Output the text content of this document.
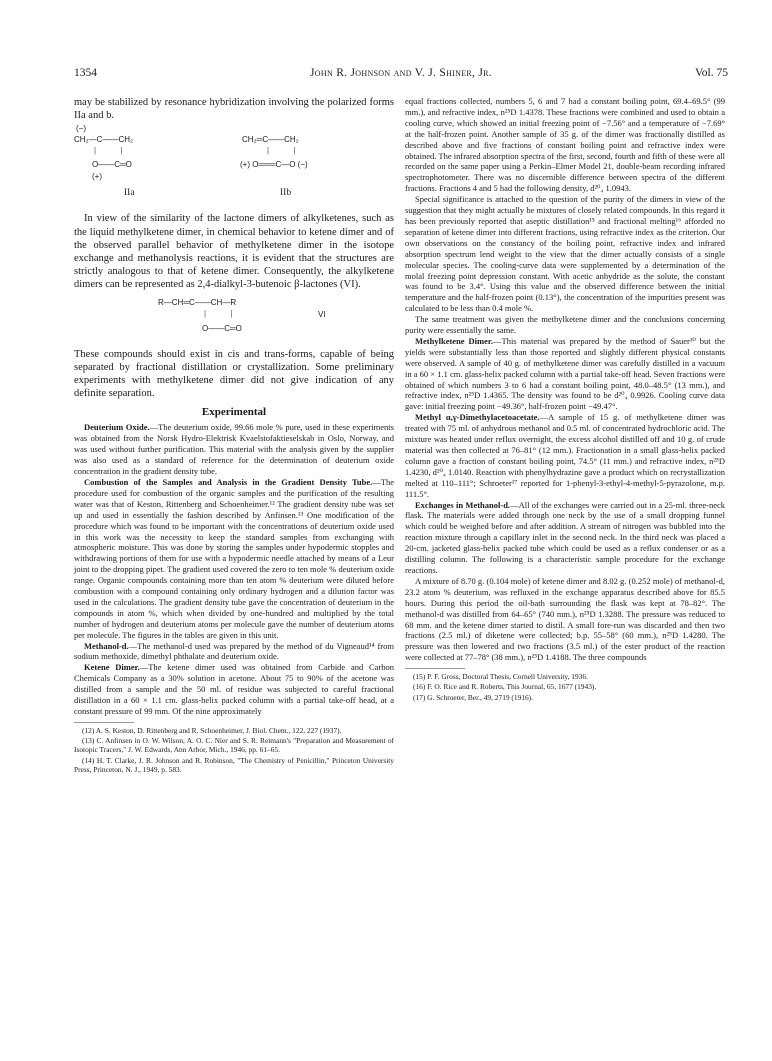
1354	John R. Johnson and V. J. Shiner, Jr.	Vol. 75

may be stabilized by resonance hybridization involving the polarized forms IIa and b.

(−)
CH₂—C——CH₂
|           |
O——C═O
(+)
IIa
CH₂═C——CH₂
|           |
(+) O═══C—O (−)
IIb

In view of the similarity of the lactone dimers of alkylketenes, such as the liquid methylketene dimer, in chemical behavior to ketene dimer and of the observed parallel behavior of methylketene dimer in the isotope exchange and methanolysis reactions, it is evident that the structures are strictly analogous to that of ketene dimer. Consequently, the alkylketene dimers can be represented as 2,4-dialkyl-3-butenoic β-lactones (VI).

R—CH═C——CH—R
|           |
O——C═O
VI

These compounds should exist in cis and trans-forms, capable of being separated by fractional distillation or crystallization. Some preliminary experiments with methylketene dimer did not give indication of any definite separation.

Experimental

Deuterium Oxide.—The deuterium oxide, 99.66 mole % pure, used in these experiments was obtained from the Norsk Hydro-Elektrisk Kvaelstofaktieselskab in Oslo, Norway, and was used without further purification. This material with the analysis given by the supplier was also used as a standard of reference for the determination of deuterium oxide concentration in the gradient density tube.

Combustion of the Samples and Analysis in the Gradient Density Tube.—The procedure used for combustion of the organic samples and the purification of the resulting water was that of Keston, Rittenberg and Schoenheimer.¹² The gradient density tube was set up and used in essentially the fashion described by Anfinsen.¹³ One modification of the procedure which was found to be important with the concentrations of deuterium oxide used in this work was the necessity to keep the standard samples from exchanging with atmospheric moisture. This was done by storing the samples under hypodermic stopples and withdrawing portions of them for use with a hypodermic needle attached by means of a Leur joint to the dropping pipet. The gradient used covered the zero to ten mole % deuterium oxide range. Organic compounds containing more than ten atom % deuterium were diluted before combustion with a compound containing only ordinary hydrogen and a dilution factor was used in the calculations. The gradient density tube gave the concentration of deuterium in the compounds in atom %, which when divided by one-hundred and multiplied by the total number of hydrogen and deuterium atoms per molecule gave the number of deuterium atoms per molecule. The figures in the tables are given in this unit.

Methanol-d.—The methanol-d used was prepared by the method of du Vigneaud¹⁴ from sodium methoxide, dimethyl phthalate and deuterium oxide.

Ketene Dimer.—The ketene dimer used was obtained from Carbide and Carbon Chemicals Company as a 30% solution in acetone. About 75 to 90% of the acetone was distilled from a sample and the 50 ml. of residue was subjected to careful fractional distillation in a 60 × 1.1 cm. glass-helix packed column with a partial take-off head, at a constant pressure of 99 mm. Of the nine approximately

(12) A. S. Keston, D. Rittenberg and R. Schoenheimer, J. Biol. Chem., 122, 227 (1937).

(13) C. Anfinsen in O. W. Wilson, A. O. C. Nier and S. R. Reimann's "Preparation and Measurement of Isotopic Tracers," J. W. Edwards, Ann Arbor, Mich., 1946, pp. 61–65.

(14) H. T. Clarke, J. R. Johnson and R. Robinson, "The Chemistry of Penicillin," Princeton University Press, Princeton, N. J., 1949, p. 583.

equal fractions collected, numbers 5, 6 and 7 had a constant boiling point, 69.4–69.5° (99 mm.), and refractive index, n²⁵D 1.4378. These fractions were combined and used to obtain a cooling curve, which showed an initial freezing point of −7.56° and a temperature of −7.69° at the half-frozen point. Another sample of 35 g. of the dimer was fractionally distilled as described above and five fractions of constant boiling point and refractive index were obtained. The infrared absorption spectra of the first, second, fourth and fifth of these were all recorded on the same paper using a Perkin–Elmer Model 21, double-beam recording infrared spectrophotometer. There was no discernible difference between spectra of the different fractions. Fractions 4 and 5 had the following density, d²⁰₄ 1.0943.

Special significance is attached to the question of the purity of the dimers in view of the suggestion that they might actually be mixtures of closely related compounds. In this regard it has been previously reported that aseptic distillation¹⁵ and fractional melting¹⁶ afforded no separation of ketene dimer into different fractions, using refractive index as the criterion. Our own observations on the constancy of the boiling point, refractive index and infrared absorption spectrum lend weight to the view that the dimer actually consists of a single molecular species. The cooling-curve data were supplemented by a determination of the molal freezing point depression constant. With acetic anhydride as the solute, the constant was found to be 3.4°. Using this value and the observed difference between the initial temperature and the half-frozen point (0.13°), the concentration of the impurities present was calculated to be less than 0.4 mole %.

The same treatment was given the methylketene dimer and the conclusions concerning purity were essentially the same.

Methylketene Dimer.—This material was prepared by the method of Sauer¹⁰ but the yields were substantially less than those reported and slightly different physical constants were observed. A sample of 40 g. of methylketene dimer was carefully distilled in a vacuum in a 60 × 1.1 cm. glass-helix packed column with a partial take-off head. Seven fractions were obtained of which numbers 3 to 6 had a constant boiling point, 48.0–48.5° (13 mm.), and refractive index, n²⁵D 1.4365. The density was found to be d²⁰₄ 0.9926. Cooling curve data gave: initial freezing point −49.36°, half-frozen point −49.47°.

Methyl α,γ-Dimethylacetoacetate.—A sample of 15 g. of methylketene dimer was treated with 75 ml. of anhydrous methanol and 0.5 ml. of concentrated hydrochloric acid. The mixture was heated under reflux overnight, the excess alcohol distilled off and 10 g. of crude material was then collected at 76–81° (12 mm.). Fractionation in a small glass-helix packed column gave a fraction of constant boiling point, 74.5° (11 mm.) and refractive index, n²⁵D 1.4230, d²⁰₄ 1.0140. Reaction with phenylhydrazine gave a product which on recrystallization melted at 110–111°; Schroeter¹⁷ reported for 1-phenyl-3-ethyl-4-methyl-5-pyrazolone, m.p. 111.5°.

Exchanges in Methanol-d.—All of the exchanges were carried out in a 25-ml. three-neck flask. The materials were added through one neck by the use of a small dropping funnel which could be weighed before and after addition. A stream of nitrogen was bubbled into the reaction mixture through a capillary inlet in the second neck. In the third neck was placed a 20-cm. jacketed glass-helix packed tube which could be used as a reflux condenser or as a distilling column. The following is a characteristic sample procedure for the exchange reactions.

A mixture of 8.70 g. (0.104 mole) of ketene dimer and 8.02 g. (0.252 mole) of methanol-d, 23.2 atom % deuterium, was refluxed in the exchange apparatus described above for 85.5 hours. During this period the oil-bath surrounding the flask was kept at 78–82°. The methanol-d was distilled from 64–65° (740 mm.), n²⁵D 1.3288. The pressure was reduced to 68 mm. and the ketene dimer started to distil. A small fore-run was discarded and then two fractions (2.5 ml.) of diketene were collected; b.p. 55–58° (60 mm.), n²⁵D 1.4280. The pressure was then lowered and two fractions (3.5 ml.) of the ester product of the reaction were collected at 77–78° (38 mm.), n²⁵D 1.4188. The three compounds

(15) P. F. Gross, Doctoral Thesis, Cornell University, 1936.

(16) F. O. Rice and R. Roberts, This Journal, 65, 1677 (1943).

(17) G. Schroeter, Ber., 49, 2719 (1916).
